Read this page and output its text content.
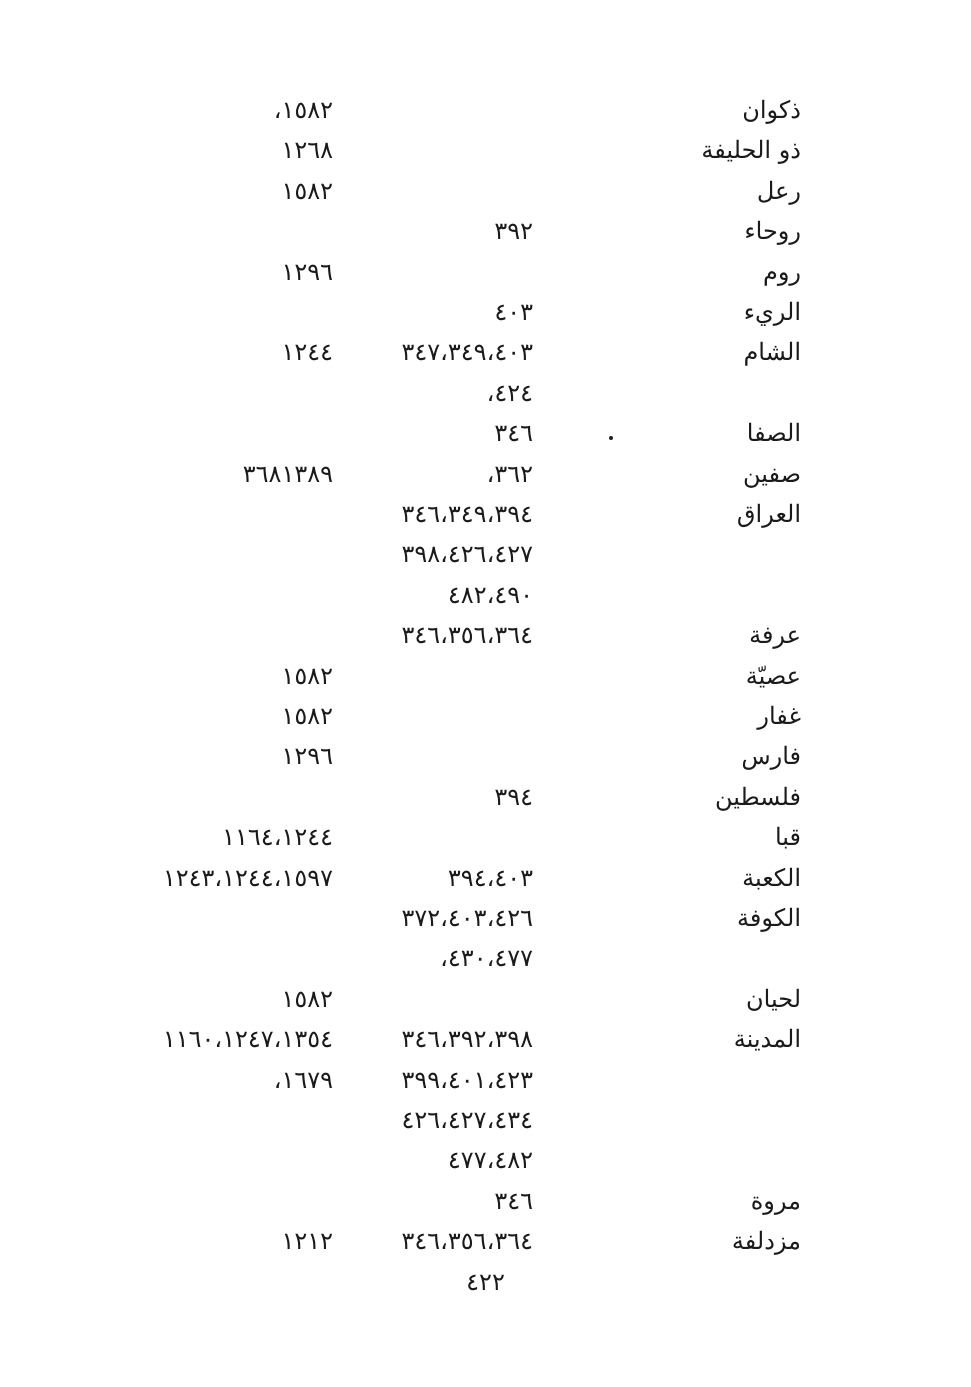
ذكوان
١٥٨٢،
ذو الحليفة
١٢٦٨
رعل
١٥٨٢
روحاء
٣٩٢
روم
١٢٩٦
الريء
٤٠٣
الشام
٣٤٧،٣٤٩،٤٠٣
١٢٤٤
٤٢٤،
الصفا
٣٤٦
صفين
٣٦٢،
٣٦٨١٣٨٩
العراق
٣٤٦،٣٤٩،٣٩٤
٣٩٨،٤٢٦،٤٢٧
٤٨٢،٤٩٠
عرفة
٣٤٦،٣٥٦،٣٦٤
عصيّة
١٥٨٢
غفار
١٥٨٢
فارس
١٢٩٦
فلسطين
٣٩٤
قبا
١١٦٤،١٢٤٤
الكعبة
٣٩٤،٤٠٣
١٢٤٣،١٢٤٤،١٥٩٧
الكوفة
٣٧٢،٤٠٣،٤٢٦
٤٣٠،٤٧٧،
لحيان
١٥٨٢
المدينة
٣٤٦،٣٩٢،٣٩٨
١١٦٠،١٢٤٧،١٣٥٤
٣٩٩،٤٠١،٤٢٣
١٦٧٩،
٤٢٦،٤٢٧،٤٣٤
٤٧٧،٤٨٢
مروة
٣٤٦
مزدلفة
٣٤٦،٣٥٦،٣٦٤
١٢١٢
٤٢٢
